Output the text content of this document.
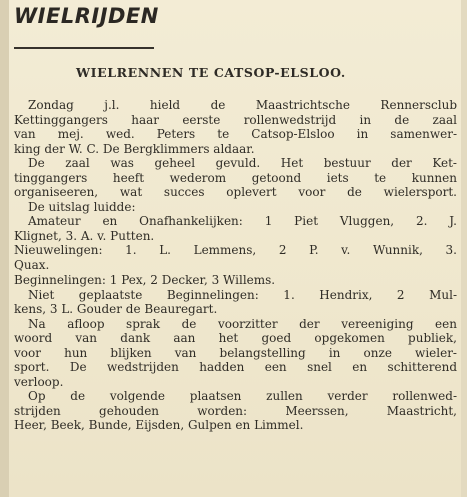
WIELRIJDEN
WIELRENNEN TE CATSOP-ELSLOO.
Zondag j.l. hield de Maastrichtsche Rennersclub
Kettinggangers haar eerste rollenwedstrijd in de zaal
van mej. wed. Peters te Catsop-Elsloo in samenwer-
king der W. C. De Bergklimmers aldaar.
De zaal was geheel gevuld. Het bestuur der Ket-
tinggangers heeft wederom getoond iets te kunnen
organiseeren, wat succes oplevert voor de wielersport.
De uitslag luidde:
Amateur en Onafhankelijken: 1 Piet Vluggen, 2. J.
Klignet, 3. A. v. Putten.
Nieuwelingen: 1. L. Lemmens, 2 P. v. Wunnik, 3.
Quax.
Beginnelingen: 1 Pex, 2 Decker, 3 Willems.
Niet geplaatste Beginnelingen: 1. Hendrix, 2 Mul-
kens, 3 L. Gouder de Beauregart.
Na afloop sprak de voorzitter der vereeniging een
woord van dank aan het goed opgekomen publiek,
voor hun blijken van belangstelling in onze wieler-
sport. De wedstrijden hadden een snel en schitterend
verloop.
Op de volgende plaatsen zullen verder rollenwed-
strijden gehouden worden: Meerssen, Maastricht,
Heer, Beek, Bunde, Eijsden, Gulpen en Limmel.
